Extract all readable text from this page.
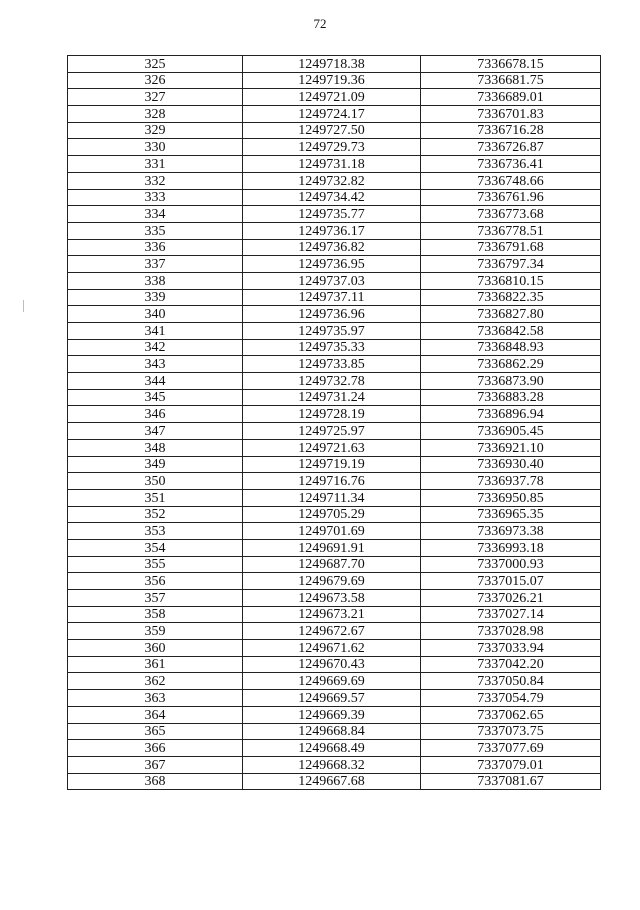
72
325	1249718.38	7336678.15
326	1249719.36	7336681.75
327	1249721.09	7336689.01
328	1249724.17	7336701.83
329	1249727.50	7336716.28
330	1249729.73	7336726.87
331	1249731.18	7336736.41
332	1249732.82	7336748.66
333	1249734.42	7336761.96
334	1249735.77	7336773.68
335	1249736.17	7336778.51
336	1249736.82	7336791.68
337	1249736.95	7336797.34
338	1249737.03	7336810.15
339	1249737.11	7336822.35
340	1249736.96	7336827.80
341	1249735.97	7336842.58
342	1249735.33	7336848.93
343	1249733.85	7336862.29
344	1249732.78	7336873.90
345	1249731.24	7336883.28
346	1249728.19	7336896.94
347	1249725.97	7336905.45
348	1249721.63	7336921.10
349	1249719.19	7336930.40
350	1249716.76	7336937.78
351	1249711.34	7336950.85
352	1249705.29	7336965.35
353	1249701.69	7336973.38
354	1249691.91	7336993.18
355	1249687.70	7337000.93
356	1249679.69	7337015.07
357	1249673.58	7337026.21
358	1249673.21	7337027.14
359	1249672.67	7337028.98
360	1249671.62	7337033.94
361	1249670.43	7337042.20
362	1249669.69	7337050.84
363	1249669.57	7337054.79
364	1249669.39	7337062.65
365	1249668.84	7337073.75
366	1249668.49	7337077.69
367	1249668.32	7337079.01
368	1249667.68	7337081.67
